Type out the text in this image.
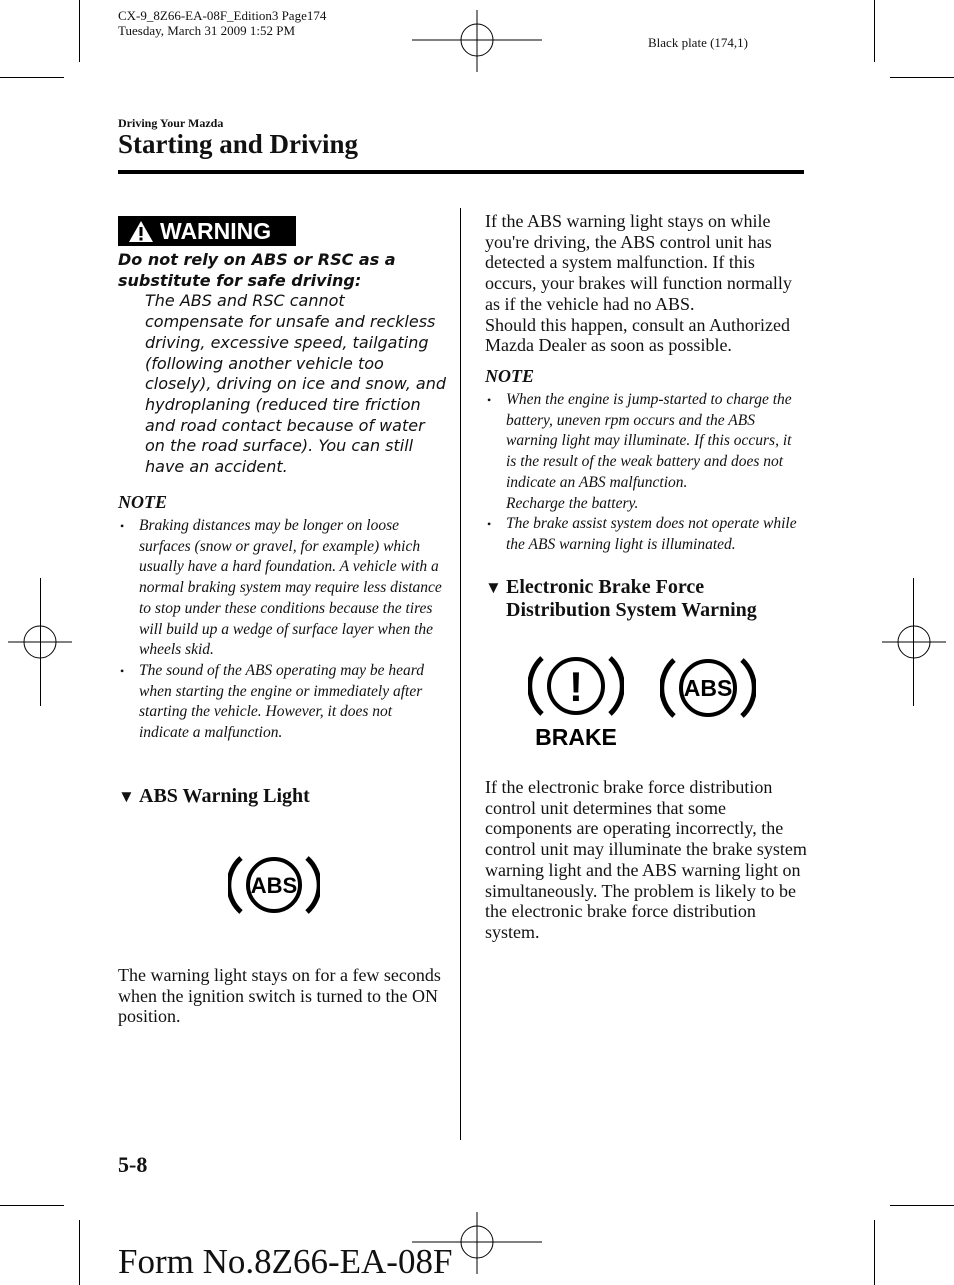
CX-9_8Z66-EA-08F_Edition3 Page174
Tuesday, March 31 2009 1:52 PM
Black plate (174,1)
Driving Your Mazda
Starting and Driving
WARNING
Do not rely on ABS or RSC as a substitute for safe driving:
The ABS and RSC cannot compensate for unsafe and reckless driving, excessive speed, tailgating (following another vehicle too closely), driving on ice and snow, and hydroplaning (reduced tire friction and road contact because of water on the road surface). You can still have an accident.
NOTE
• Braking distances may be longer on loose surfaces (snow or gravel, for example) which usually have a hard foundation. A vehicle with a normal braking system may require less distance to stop under these conditions because the tires will build up a wedge of surface layer when the wheels skid.
• The sound of the ABS operating may be heard when starting the engine or immediately after starting the vehicle. However, it does not indicate a malfunction.
▼ ABS Warning Light
ABS
The warning light stays on for a few seconds when the ignition switch is turned to the ON position.
If the ABS warning light stays on while you're driving, the ABS control unit has detected a system malfunction. If this occurs, your brakes will function normally as if the vehicle had no ABS.
Should this happen, consult an Authorized Mazda Dealer as soon as possible.
NOTE
• When the engine is jump-started to charge the battery, uneven rpm occurs and the ABS warning light may illuminate. If this occurs, it is the result of the weak battery and does not indicate an ABS malfunction.
Recharge the battery.
• The brake assist system does not operate while the ABS warning light is illuminated.
▼ Electronic Brake Force
Distribution System Warning
!
BRAKE
ABS
If the electronic brake force distribution control unit determines that some components are operating incorrectly, the control unit may illuminate the brake system warning light and the ABS warning light on simultaneously. The problem is likely to be the electronic brake force distribution system.
5-8
Form No.8Z66-EA-08F
